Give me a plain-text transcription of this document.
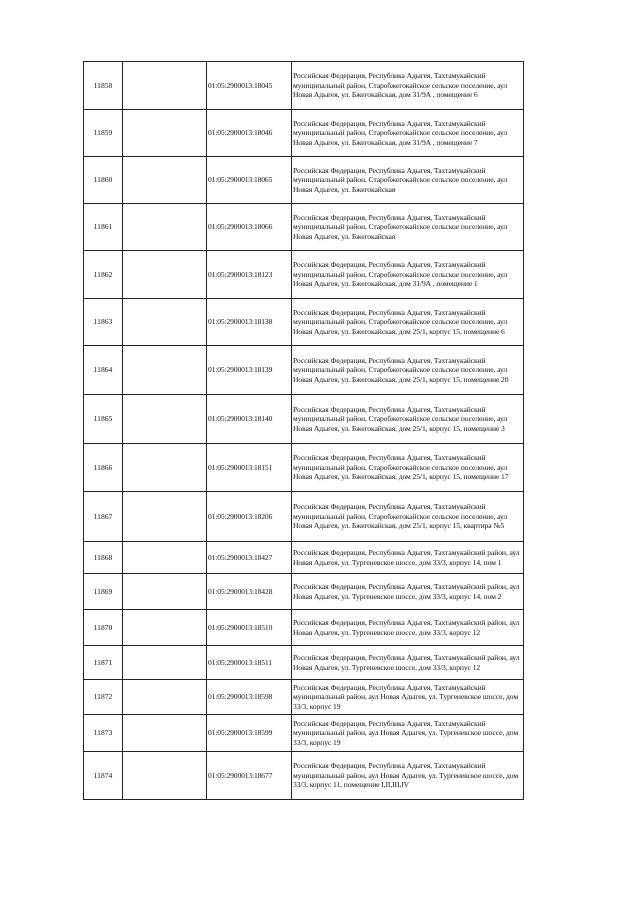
11858		01:05:2900013:18045	Российская Федерация, Республика Адыгея, Тахтамукайский муниципальный район, Старобжегокайское сельское поселение, аул Новая Адыгея, ул. Бжегокайская, дом 31/9А , помещение 6
11859		01:05:2900013:18046	Российская Федерация, Республика Адыгея, Тахтамукайский муниципальный район, Старобжегокайское сельское поселение, аул Новая Адыгея, ул. Бжегокайская, дом 31/9А , помещение 7
11860		01:05:2900013:18065	Российская Федерация, Республика Адыгея, Тахтамукайский муниципальный район, Старобжегокайское сельское поселение, аул Новая Адыгея, ул. Бжегокайская
11861		01:05:2900013:18066	Российская Федерация, Республика Адыгея, Тахтамукайский муниципальный район, Старобжегокайское сельское поселение, аул Новая Адыгея, ул. Бжегокайская
11862		01:05:2900013:18123	Российская Федерация, Республика Адыгея, Тахтамукайский муниципальный район, Старобжегокайское сельское поселение, аул Новая Адыгея, ул. Бжегокайская, дом 31/9А , помещение 1
11863		01:05:2900013:18138	Российская Федерация, Республика Адыгея, Тахтамукайский муниципальный район, Старобжегокайское сельское поселение, аул Новая Адыгея, ул. Бжегокайская, дом 25/1, корпус 15, помещение 6
11864		01:05:2900013:18139	Российская Федерация, Республика Адыгея, Тахтамукайский муниципальный район, Старобжегокайское сельское поселение, аул Новая Адыгея, ул. Бжегокайская, дом 25/1, корпус 15, помещение 20
11865		01:05:2900013:18140	Российская Федерация, Республика Адыгея, Тахтамукайский муниципальный район, Старобжегокайское сельское поселение, аул Новая Адыгея, ул. Бжегокайская, дом 25/1, корпус 15, помещение 3
11866		01:05:2900013:18151	Российская Федерация, Республика Адыгея, Тахтамукайский муниципальный район, Старобжегокайское сельское поселение, аул Новая Адыгея, ул. Бжегокайская, дом 25/1, корпус 15, помещение 17
11867		01:05:2900013:18206	Российская Федерация, Республика Адыгея, Тахтамукайский муниципальный район, Старобжегокайское сельское поселение, аул Новая Адыгея, ул. Бжегокайская, дом 25/1, корпус 15, квартира №5
11868		01:05:2900013:18427	Российская Федерация, Республика Адыгея, Тахтамукайский район, аул Новая Адыгея, ул. Тургеневское шоссе, дом 33/3, корпус 14, пом 1
11869		01:05:2900013:18428	Российская Федерация, Республика Адыгея, Тахтамукайский район, аул Новая Адыгея, ул. Тургеневское шоссе, дом 33/3, корпус 14, пом 2
11870		01:05:2900013:18510	Российская Федерация, Республика Адыгея, Тахтамукайский район, аул Новая Адыгея, ул. Тургеневское шоссе, дом 33/3, корпус 12
11871		01:05:2900013:18511	Российская Федерация, Республика Адыгея, Тахтамукайский район, аул Новая Адыгея, ул. Тургеневское шоссе, дом 33/3, корпус 12
11872		01:05:2900013:18598	Российская Федерация, Республика Адыгея, Тахтамукайский муниципальный район, аул Новая Адыгея, ул. Тургеневское шоссе, дом 33/3, корпус 19
11873		01:05:2900013:18599	Российская Федерация, Республика Адыгея, Тахтамукайский муниципальный район, аул Новая Адыгея, ул. Тургеневское шоссе, дом 33/3, корпус 19
11874		01:05:2900013:18677	Российская Федерация, Республика Адыгея, Тахтамукайский муниципальный район, аул Новая Адыгея, ул. Тургеневское шоссе, дом 33/3, корпус 11, помещение I,II,III,IV
